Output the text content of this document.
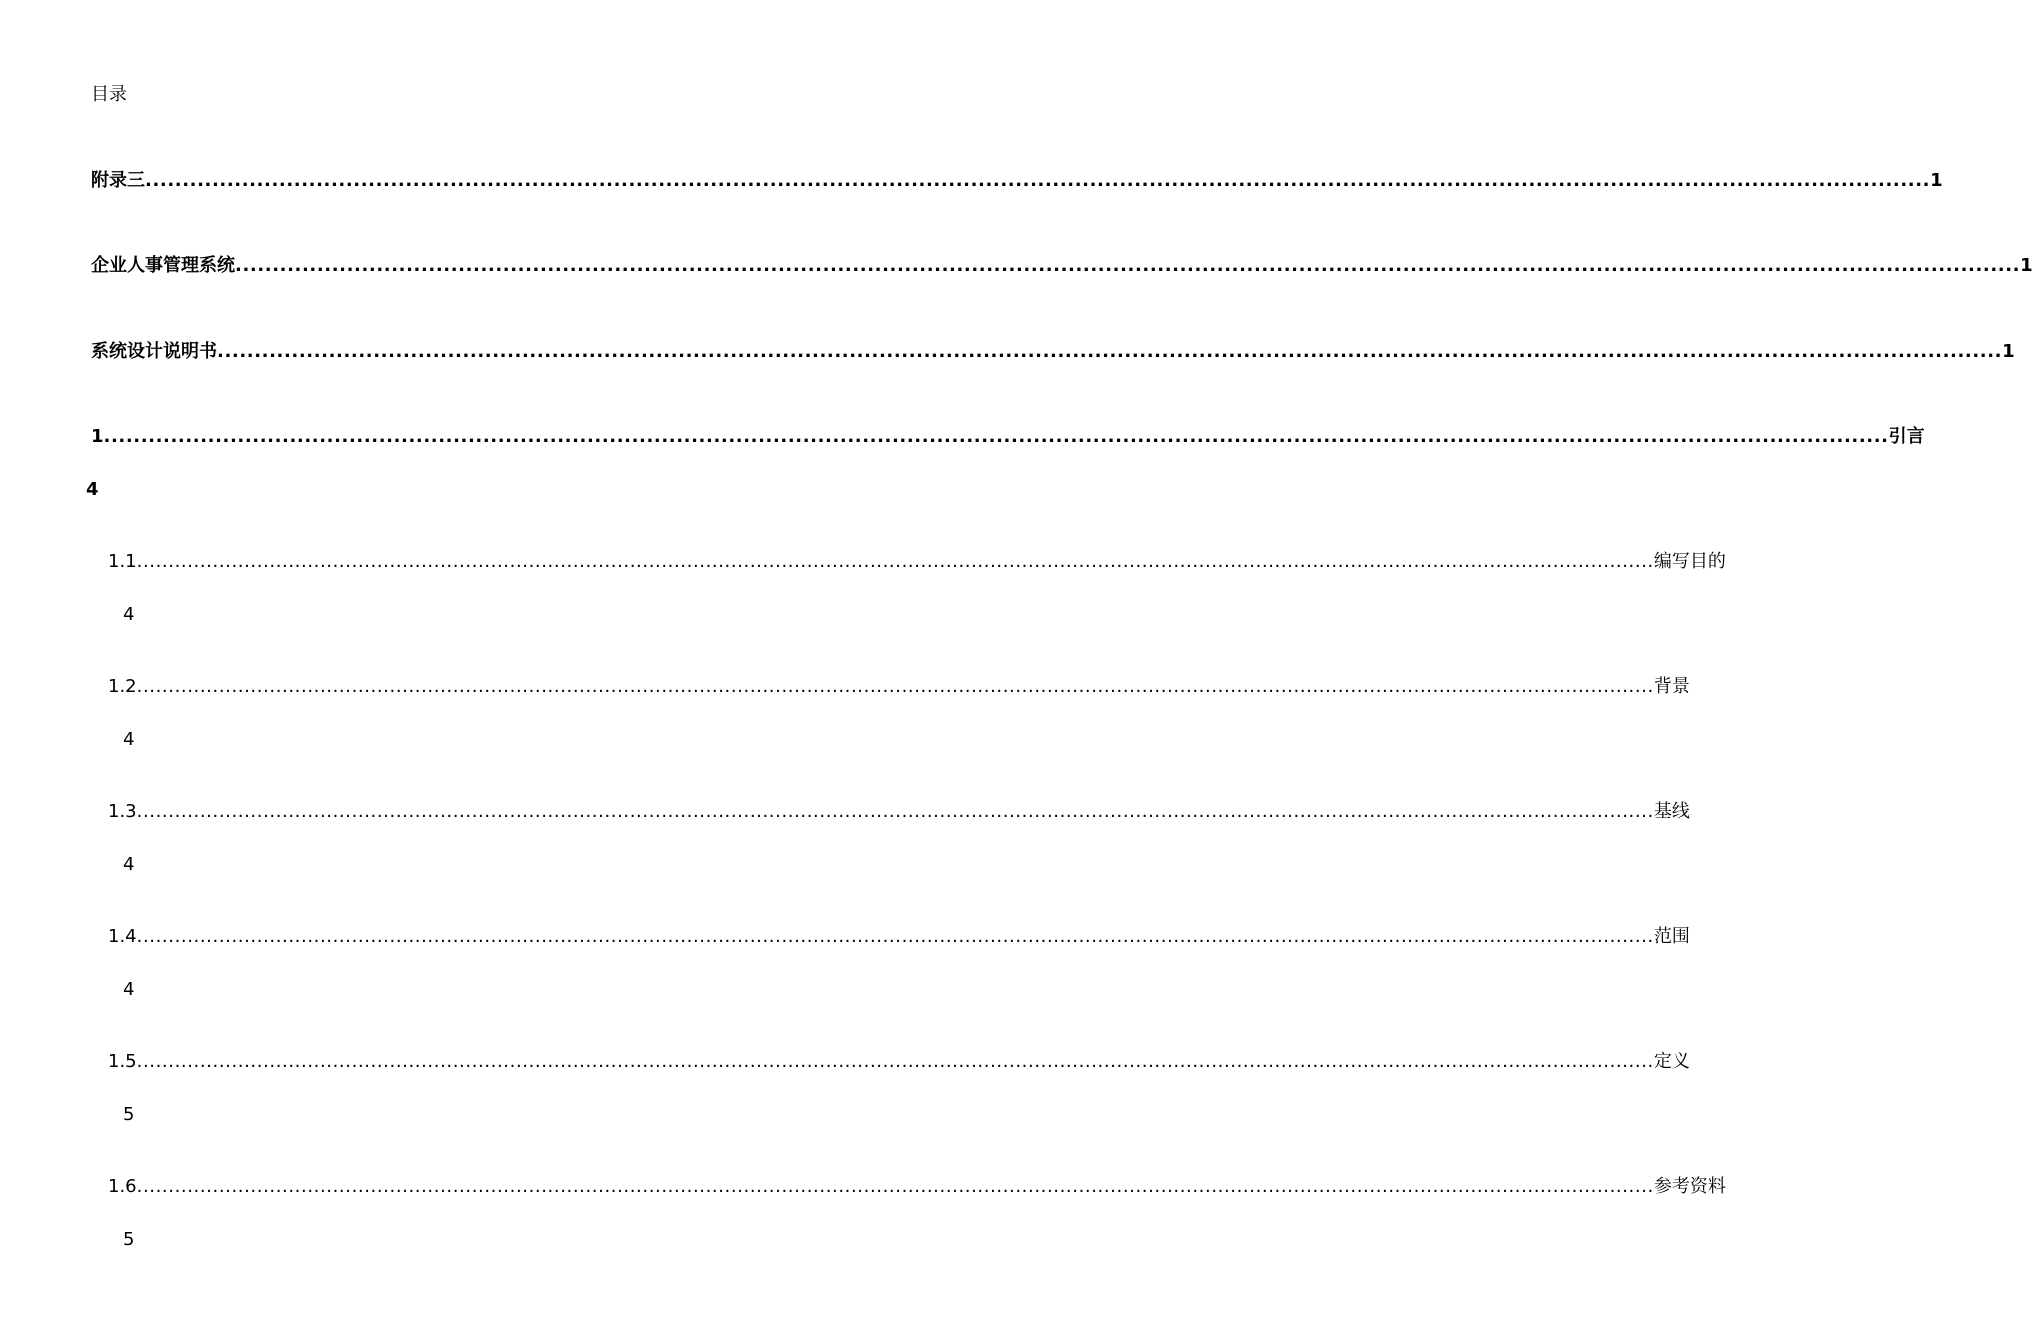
目录
附录三 ................................................................................................................................................................................................................................................ 1
企业人事管理系统 ................................................................................................................................................................................................................................................ 1
系统设计说明书 ................................................................................................................................................................................................................................................ 1
1 ................................................................................................................................................................................................................................................ 引言
4
1.1 ................................................................................................................................................................................................................................................ 编写目的
4
1.2 ................................................................................................................................................................................................................................................ 背景
4
1.3 ................................................................................................................................................................................................................................................ 基线
4
1.4 ................................................................................................................................................................................................................................................ 范围
4
1.5 ................................................................................................................................................................................................................................................ 定义
5
1.6 ................................................................................................................................................................................................................................................ 参考资料
5
